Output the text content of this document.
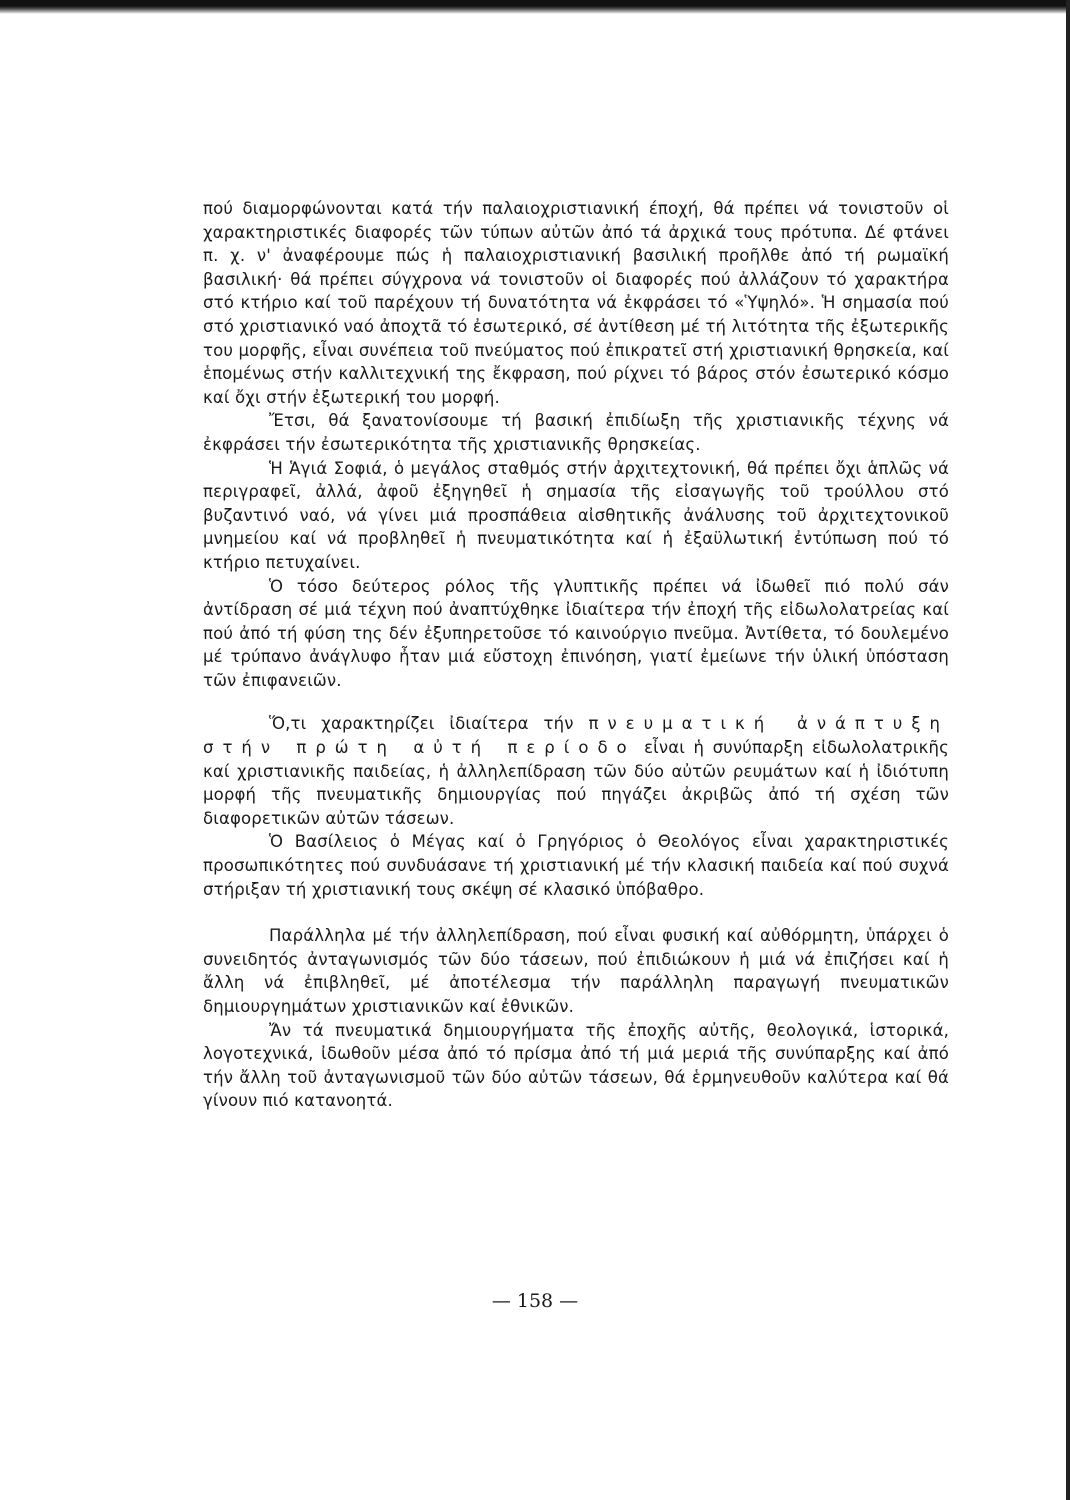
πού διαμορφώνονται κατά τήν παλαιοχριστιανική έποχή, θά πρέπει νά τονιστοῦν οἱ χαρακτηριστικές διαφορές τῶν τύπων αὐτῶν ἀπό τά ἀρχικά τους πρότυπα. Δέ φτάνει π. χ. ν' ἀναφέρουμε πώς ἡ παλαιοχριστιανική βασιλική προῆλθε ἀπό τή ρωμαϊκή βασιλική· θά πρέπει σύγχρονα νά τονιστοῦν οἱ διαφορές πού ἀλλάζουν τό χαρακτήρα στό κτήριο καί τοῦ παρέχουν τή δυνατότητα νά ἐκφράσει τό «Ὑψηλό». Ἡ σημασία πού στό χριστιανικό ναό ἀποχτᾶ τό ἐσωτερικό, σέ ἀντίθεση μέ τή λιτότητα τῆς ἐξωτερικῆς του μορφῆς, εἶναι συνέπεια τοῦ πνεύματος πού ἐπικρατεῖ στή χριστιανική θρησκεία, καί ἑπομένως στήν καλλιτεχνική της ἔκφραση, πού ρίχνει τό βάρος στόν ἐσωτερικό κόσμο καί ὄχι στήν ἐξωτερική του μορφή.

Ἔτσι, θά ξανατονίσουμε τή βασική ἐπιδίωξη τῆς χριστιανικῆς τέχνης νά ἐκφράσει τήν ἐσωτερικότητα τῆς χριστιανικῆς θρησκείας.

Ἡ Ἁγιά Σοφιά, ὁ μεγάλος σταθμός στήν ἀρχιτεχτονική, θά πρέπει ὄχι ἁπλῶς νά περιγραφεῖ, ἀλλά, ἀφοῦ ἐξηγηθεῖ ἡ σημασία τῆς εἰσαγωγῆς τοῦ τρούλλου στό βυζαντινό ναό, νά γίνει μιά προσπάθεια αἰσθητικῆς ἀνάλυσης τοῦ ἀρχιτεχτονικοῦ μνημείου καί νά προβληθεῖ ἡ πνευματικότητα καί ἡ ἐξαϋλωτική ἐντύπωση πού τό κτήριο πετυχαίνει.

Ὁ τόσο δεύτερος ρόλος τῆς γλυπτικῆς πρέπει νά ἰδωθεῖ πιό πολύ σάν ἀντίδραση σέ μιά τέχνη πού ἀναπτύχθηκε ἰδιαίτερα τήν ἐποχή τῆς εἰδωλολατρείας καί πού ἀπό τή φύση της δέν ἐξυπηρετοῦσε τό καινούργιο πνεῦμα. Ἀντίθετα, τό δουλεμένο μέ τρύπανο ἀνάγλυφο ἦταν μιά εὔστοχη ἐπινόηση, γιατί ἐμείωνε τήν ὑλική ὑπόσταση τῶν ἐπιφανειῶν.

Ὅ,τι χαρακτηρίζει ἰδιαίτερα τήν πνευματική ἀνάπτυξη στήν πρώτη αὐτή περίοδο εἶναι ἡ συνύπαρξη εἰδωλολατρικῆς καί χριστιανικῆς παιδείας, ἡ ἀλληλεπίδραση τῶν δύο αὐτῶν ρευμάτων καί ἡ ἰδιότυπη μορφή τῆς πνευματικῆς δημιουργίας πού πηγάζει ἀκριβῶς ἀπό τή σχέση τῶν διαφορετικῶν αὐτῶν τάσεων.

Ὁ Βασίλειος ὁ Μέγας καί ὁ Γρηγόριος ὁ Θεολόγος εἶναι χαρακτηριστικές προσωπικότητες πού συνδυάσανε τή χριστιανική μέ τήν κλασική παιδεία καί πού συχνά στήριξαν τή χριστιανική τους σκέψη σέ κλασικό ὑπόβαθρο.

Παράλληλα μέ τήν ἀλληλεπίδραση, πού εἶναι φυσική καί αὐθόρμητη, ὑπάρχει ὁ συνειδητός ἀνταγωνισμός τῶν δύο τάσεων, πού ἐπιδιώκουν ἡ μιά νά ἐπιζήσει καί ἡ ἄλλη νά ἐπιβληθεῖ, μέ ἀποτέλεσμα τήν παράλληλη παραγωγή πνευματικῶν δημιουργημάτων χριστιανικῶν καί ἐθνικῶν.

Ἄν τά πνευματικά δημιουργήματα τῆς ἐποχῆς αὐτῆς, θεολογικά, ἱστορικά, λογοτεχνικά, ἰδωθοῦν μέσα ἀπό τό πρίσμα ἀπό τή μιά μεριά τῆς συνύπαρξης καί ἀπό τήν ἄλλη τοῦ ἀνταγωνισμοῦ τῶν δύο αὐτῶν τάσεων, θά ἑρμηνευθοῦν καλύτερα καί θά γίνουν πιό κατανοητά.

— 158 —
